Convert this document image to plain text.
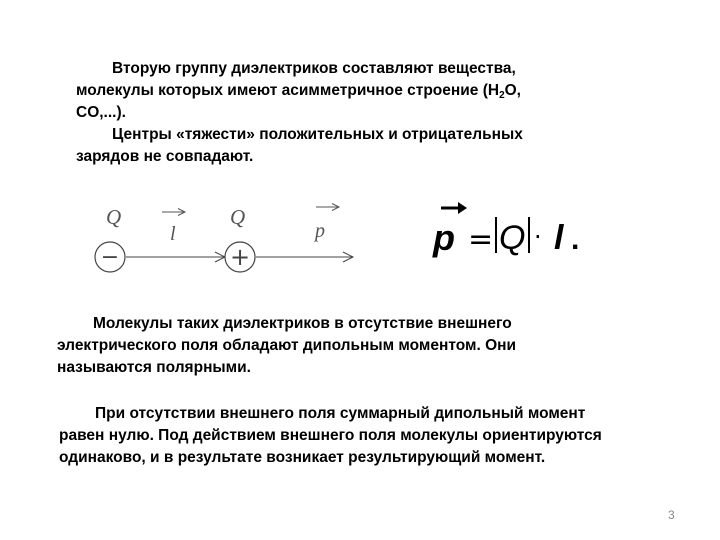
Вторую группу диэлектриков составляют вещества,
молекулы которых имеют асимметричное строение ($H_2O$,
CO,...).
Центры «тяжести» положительных и отрицательных
зарядов не совпадают.
Q	Q
l	p
−	+	p = Q · l .
Молекулы таких диэлектриков в отсутствие внешнего
электрического поля обладают дипольным моментом. Они
называются полярными.
При отсутствии внешнего поля суммарный дипольный момент
равен нулю. Под действием внешнего поля молекулы ориентируются
одинаково, и в результате возникает результирующий момент.
3
